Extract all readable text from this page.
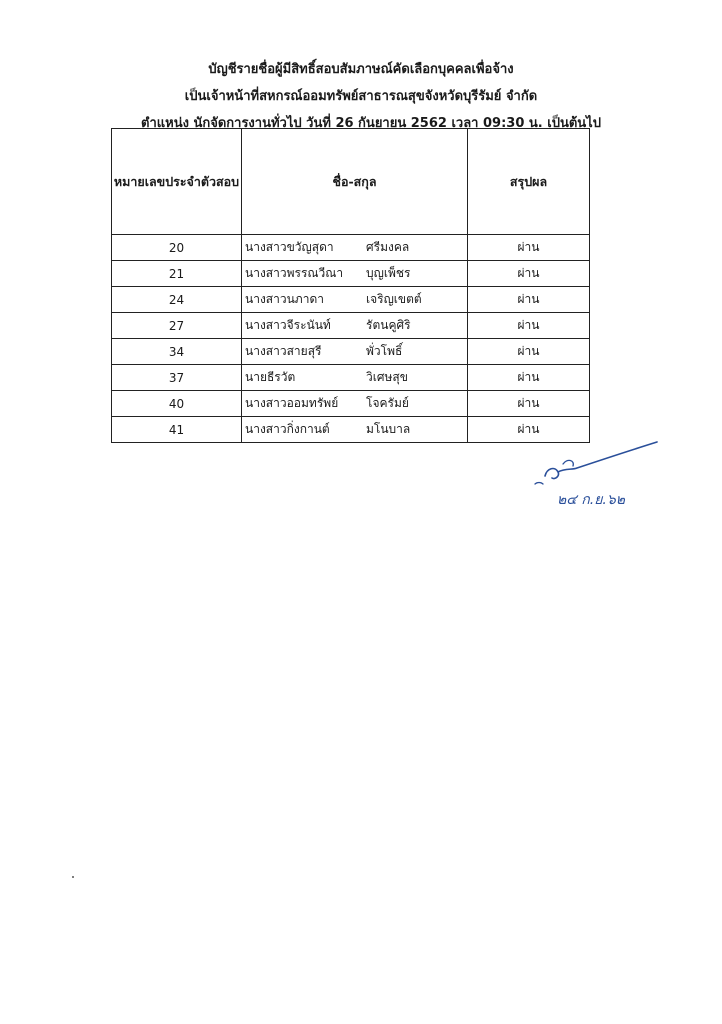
บัญชีรายชื่อผู้มีสิทธิ์สอบสัมภาษณ์คัดเลือกบุคคลเพื่อจ้าง
เป็นเจ้าหน้าที่สหกรณ์ออมทรัพย์สาธารณสุขจังหวัดบุรีรัมย์ จำกัด
ตำแหน่ง นักจัดการงานทั่วไป วันที่ 26 กันยายน 2562 เวลา 09:30 น. เป็นต้นไป
หมายเลขประจำตัวสอบ	ชื่อ-สกุล	สรุปผล
20	นางสาวขวัญสุดา ศรีมงคล	ผ่าน
21	นางสาวพรรณวีณา บุญเพ็ชร	ผ่าน
24	นางสาวนภาดา เจริญเขตต์	ผ่าน
27	นางสาวจีระนันท์ รัตนคูศิริ	ผ่าน
34	นางสาวสายสุรี พั่วโพธิ์	ผ่าน
37	นายธีรวัต วิเศษสุข	ผ่าน
40	นางสาวออมทรัพย์ โจครัมย์	ผ่าน
41	นางสาวกิ่งกานต์ มโนบาล	ผ่าน
๒๔ ก.ย.๖๒
